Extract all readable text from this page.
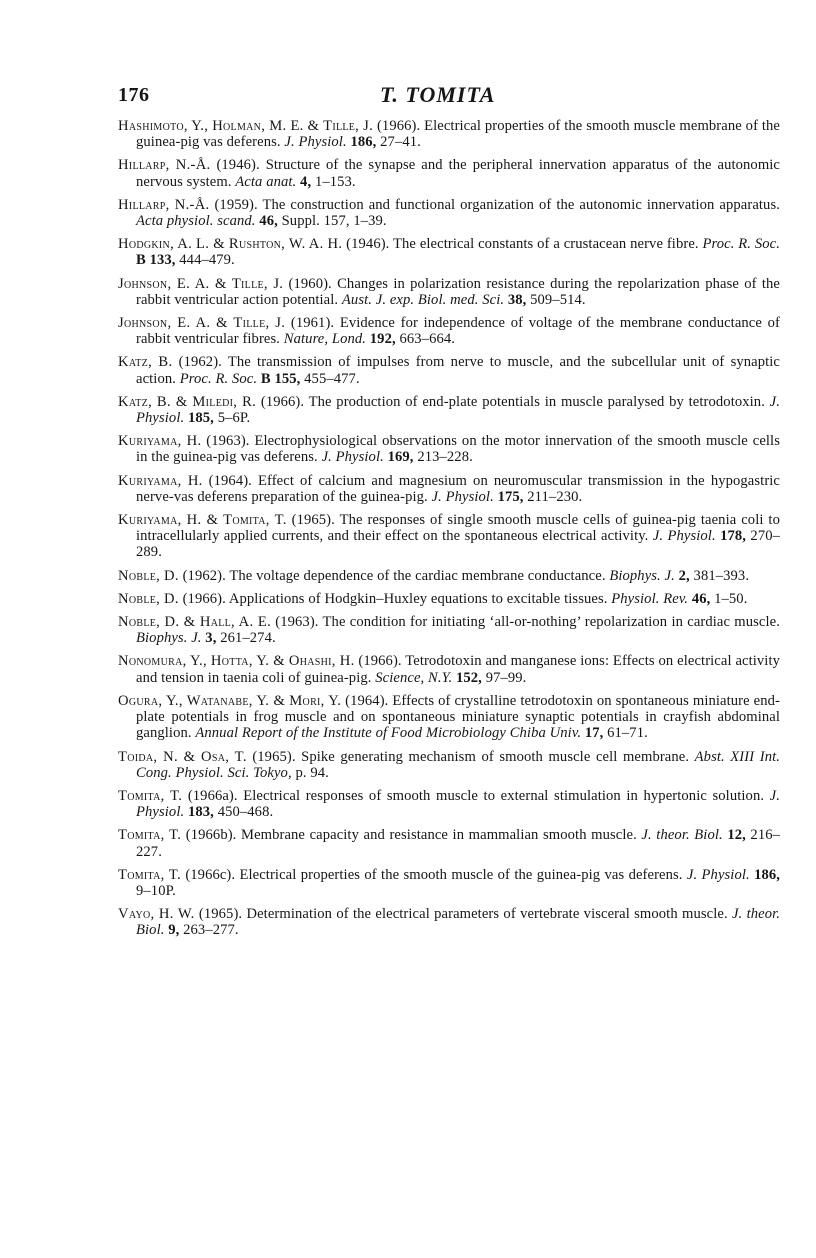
176	T. TOMITA
Hashimoto, Y., Holman, M. E. & Tille, J. (1966). Electrical properties of the smooth muscle membrane of the guinea-pig vas deferens. J. Physiol. 186, 27–41.
Hillarp, N.-Å. (1946). Structure of the synapse and the peripheral innervation apparatus of the autonomic nervous system. Acta anat. 4, 1–153.
Hillarp, N.-Å. (1959). The construction and functional organization of the autonomic innervation apparatus. Acta physiol. scand. 46, Suppl. 157, 1–39.
Hodgkin, A. L. & Rushton, W. A. H. (1946). The electrical constants of a crustacean nerve fibre. Proc. R. Soc. B 133, 444–479.
Johnson, E. A. & Tille, J. (1960). Changes in polarization resistance during the repolarization phase of the rabbit ventricular action potential. Aust. J. exp. Biol. med. Sci. 38, 509–514.
Johnson, E. A. & Tille, J. (1961). Evidence for independence of voltage of the membrane conductance of rabbit ventricular fibres. Nature, Lond. 192, 663–664.
Katz, B. (1962). The transmission of impulses from nerve to muscle, and the subcellular unit of synaptic action. Proc. R. Soc. B 155, 455–477.
Katz, B. & Miledi, R. (1966). The production of end-plate potentials in muscle paralysed by tetrodotoxin. J. Physiol. 185, 5–6P.
Kuriyama, H. (1963). Electrophysiological observations on the motor innervation of the smooth muscle cells in the guinea-pig vas deferens. J. Physiol. 169, 213–228.
Kuriyama, H. (1964). Effect of calcium and magnesium on neuromuscular transmission in the hypogastric nerve-vas deferens preparation of the guinea-pig. J. Physiol. 175, 211–230.
Kuriyama, H. & Tomita, T. (1965). The responses of single smooth muscle cells of guinea-pig taenia coli to intracellularly applied currents, and their effect on the spontaneous electrical activity. J. Physiol. 178, 270–289.
Noble, D. (1962). The voltage dependence of the cardiac membrane conductance. Biophys. J. 2, 381–393.
Noble, D. (1966). Applications of Hodgkin–Huxley equations to excitable tissues. Physiol. Rev. 46, 1–50.
Noble, D. & Hall, A. E. (1963). The condition for initiating ‘all-or-nothing’ repolarization in cardiac muscle. Biophys. J. 3, 261–274.
Nonomura, Y., Hotta, Y. & Ohashi, H. (1966). Tetrodotoxin and manganese ions: Effects on electrical activity and tension in taenia coli of guinea-pig. Science, N.Y. 152, 97–99.
Ogura, Y., Watanabe, Y. & Mori, Y. (1964). Effects of crystalline tetrodotoxin on spontaneous miniature end-plate potentials in frog muscle and on spontaneous miniature synaptic potentials in crayfish abdominal ganglion. Annual Report of the Institute of Food Microbiology Chiba Univ. 17, 61–71.
Toida, N. & Osa, T. (1965). Spike generating mechanism of smooth muscle cell membrane. Abst. XIII Int. Cong. Physiol. Sci. Tokyo, p. 94.
Tomita, T. (1966a). Electrical responses of smooth muscle to external stimulation in hypertonic solution. J. Physiol. 183, 450–468.
Tomita, T. (1966b). Membrane capacity and resistance in mammalian smooth muscle. J. theor. Biol. 12, 216–227.
Tomita, T. (1966c). Electrical properties of the smooth muscle of the guinea-pig vas deferens. J. Physiol. 186, 9–10P.
Vayo, H. W. (1965). Determination of the electrical parameters of vertebrate visceral smooth muscle. J. theor. Biol. 9, 263–277.
